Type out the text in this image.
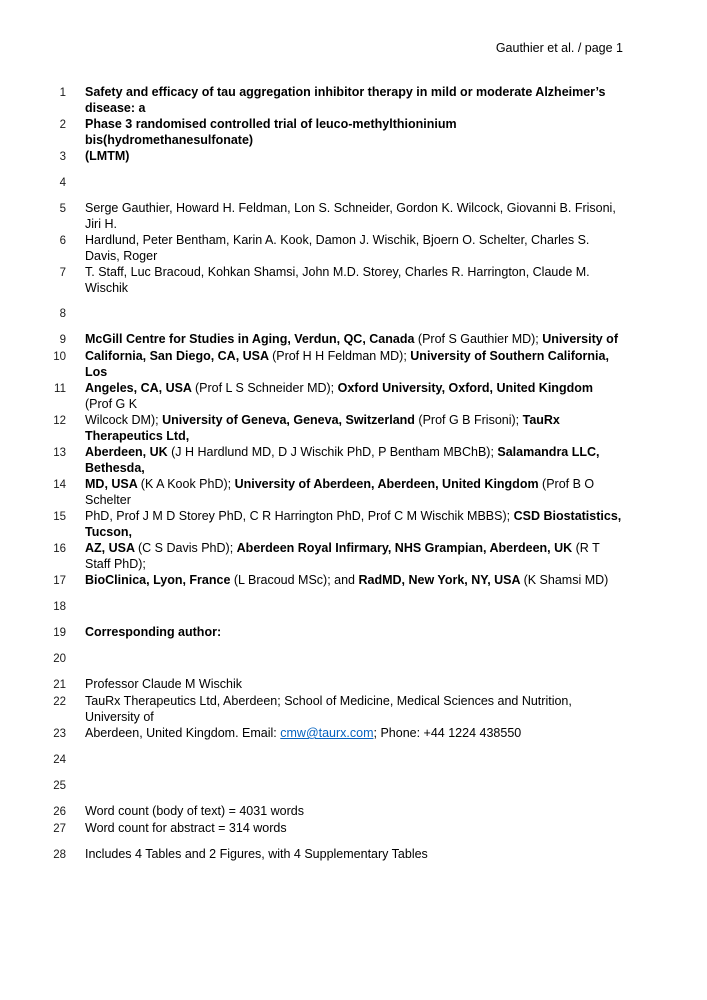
Gauthier et al. / page 1
1 Safety and efficacy of tau aggregation inhibitor therapy in mild or moderate Alzheimer’s disease: a
2 Phase 3 randomised controlled trial of leuco-methylthioninium bis(hydromethanesulfonate)
3 (LMTM)
4

5 Serge Gauthier, Howard H. Feldman, Lon S. Schneider, Gordon K. Wilcock, Giovanni B. Frisoni, Jiri H.
6 Hardlund, Peter Bentham, Karin A. Kook, Damon J. Wischik, Bjoern O. Schelter, Charles S. Davis, Roger
7 T. Staff, Luc Bracoud, Kohkan Shamsi, John M.D. Storey, Charles R. Harrington, Claude M. Wischik
8

9 McGill Centre for Studies in Aging, Verdun, QC, Canada (Prof S Gauthier MD); University of
10 California, San Diego, CA, USA (Prof H H Feldman MD); University of Southern California, Los
11 Angeles, CA, USA (Prof L S Schneider MD); Oxford University, Oxford, United Kingdom (Prof G K
12 Wilcock DM); University of Geneva, Geneva, Switzerland (Prof G B Frisoni); TauRx Therapeutics Ltd,
13 Aberdeen, UK (J H Hardlund MD, D J Wischik PhD, P Bentham MBChB); Salamandra LLC, Bethesda,
14 MD, USA (K A Kook PhD); University of Aberdeen, Aberdeen, United Kingdom (Prof B O Schelter
15 PhD, Prof J M D Storey PhD, C R Harrington PhD, Prof C M Wischik MBBS); CSD Biostatistics, Tucson,
16 AZ, USA (C S Davis PhD); Aberdeen Royal Infirmary, NHS Grampian, Aberdeen, UK (R T Staff PhD);
17 BioClinica, Lyon, France (L Bracoud MSc); and RadMD, New York, NY, USA (K Shamsi MD)
18

19 Corresponding author:
20

21 Professor Claude M Wischik
22 TauRx Therapeutics Ltd, Aberdeen; School of Medicine, Medical Sciences and Nutrition, University of
23 Aberdeen, United Kingdom. Email: cmw@taurx.com; Phone: +44 1224 438550
24

25

26 Word count (body of text) = 4031 words
27 Word count for abstract = 314 words
28 Includes 4 Tables and 2 Figures, with 4 Supplementary Tables
